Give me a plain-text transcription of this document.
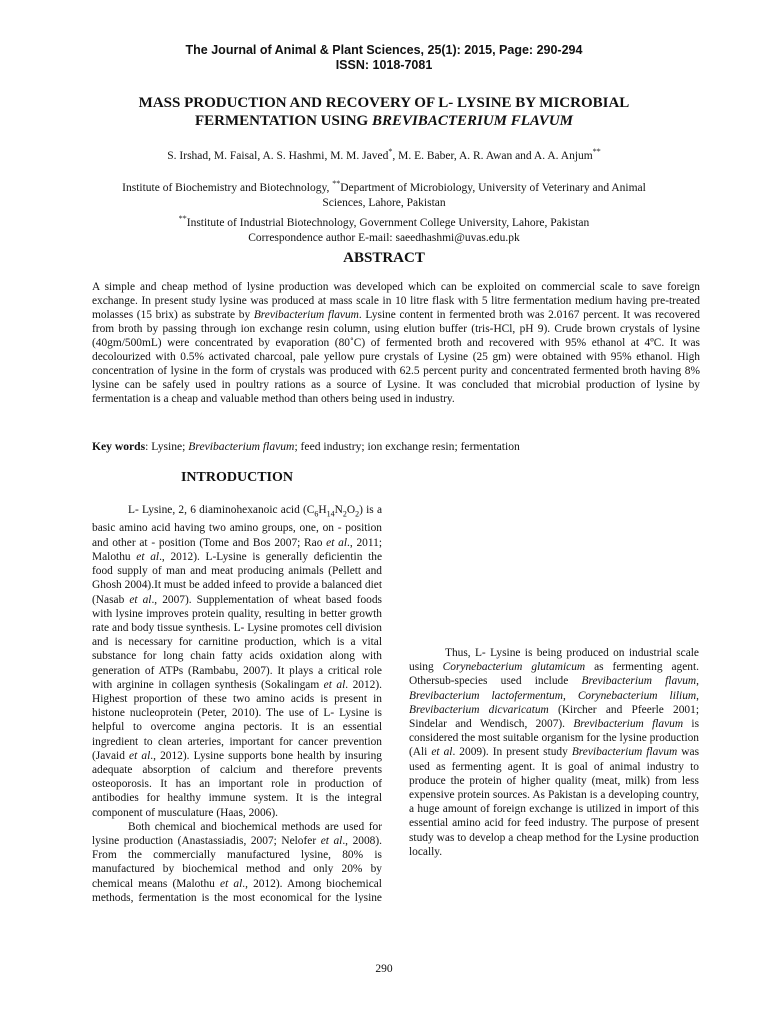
The Journal of Animal & Plant Sciences, 25(1): 2015, Page: 290-294
ISSN: 1018-7081
MASS PRODUCTION AND RECOVERY OF L- LYSINE BY MICROBIAL
FERMENTATION USING BREVIBACTERIUM FLAVUM
S. Irshad, M. Faisal, A. S. Hashmi, M. M. Javed*, M. E. Baber, A. R. Awan and A. A. Anjum**
Institute of Biochemistry and Biotechnology, **Department of Microbiology, University of Veterinary and Animal
Sciences, Lahore, Pakistan
**Institute of Industrial Biotechnology, Government College University, Lahore, Pakistan
Correspondence author E-mail: saeedhashmi@uvas.edu.pk
ABSTRACT
A simple and cheap method of lysine production was developed which can be exploited on commercial scale to save foreign exchange. In present study lysine was produced at mass scale in 10 litre flask with 5 litre fermentation medium having pre-treated molasses (15 brix) as substrate by Brevibacterium flavum. Lysine content in fermented broth was 2.0167 percent. It was recovered from broth by passing through ion exchange resin column, using elution buffer (tris-HCl, pH 9). Crude brown crystals of lysine (40gm/500mL) were concentrated by evaporation (80˚C) of fermented broth and recovered with 95% ethanol at 4ºC. It was decolourized with 0.5% activated charcoal, pale yellow pure crystals of Lysine (25 gm) were obtained with 95% ethanol. High concentration of lysine in the form of crystals was produced with 62.5 percent purity and concentrated fermented broth having 8% lysine can be safely used in poultry rations as a source of Lysine. It was concluded that microbial production of lysine by fermentation is a cheap and valuable method than others being used in industry.
Key words: Lysine; Brevibacterium flavum; feed industry; ion exchange resin; fermentation
INTRODUCTION

L- Lysine, 2, 6 diaminohexanoic acid $(C_6H_{14}N_2O_2)$ is a basic amino acid having two amino groups, one, on - position and other at - position (Tome and Bos 2007; Rao et al., 2011; Malothu et al., 2012). L-Lysine is generally deficientin the food supply of man and meat producing animals (Pellett and Ghosh 2004).It must be added infeed to provide a balanced diet (Nasab et al., 2007). Supplementation of wheat based foods with lysine improves protein quality, resulting in better growth rate and body tissue synthesis. L- Lysine promotes cell division and is necessary for carnitine production, which is a vital substance for long chain fatty acids oxidation along with generation of ATPs (Rambabu, 2007). It plays a critical role with arginine in collagen synthesis (Sokalingam et al. 2012). Highest proportion of these two amino acids is present in histone nucleoprotein (Peter, 2010). The use of L- Lysine is helpful to overcome angina pectoris. It is an essential ingredient to clean arteries, important for cancer prevention (Javaid et al., 2012). Lysine supports bone health by insuring adequate absorption of calcium and therefore prevents osteoporosis. It has an important role in production of antibodies for healthy immune system. It is the integral component of musculature (Haas, 2006).

Both chemical and biochemical methods are used for lysine production (Anastassiadis, 2007; Nelofer et al., 2008). From the commercially manufactured lysine, 80% is manufactured by biochemical method and only 20% by chemical means (Malothu et al., 2012). Among biochemical methods, fermentation is the most economical for the lysine

Thus, L- Lysine is being produced on industrial scale using Corynebacterium glutamicum as fermenting agent. Othersub-species used include Brevibacterium flavum, Brevibacterium lactofermentum, Corynebacterium lilium, Brevibacterium dicvaricatum (Kircher and Pfeerle 2001; Sindelar and Wendisch, 2007). Brevibacterium flavum is considered the most suitable organism for the lysine production (Ali et al. 2009). In present study Brevibacterium flavum was used as fermenting agent. It is goal of animal industry to produce the protein of higher quality (meat, milk) from less expensive protein sources. As Pakistan is a developing country, a huge amount of foreign exchange is utilized in import of this essential amino acid for feed industry. The purpose of present study was to develop a cheap method for the Lysine production locally.

290
